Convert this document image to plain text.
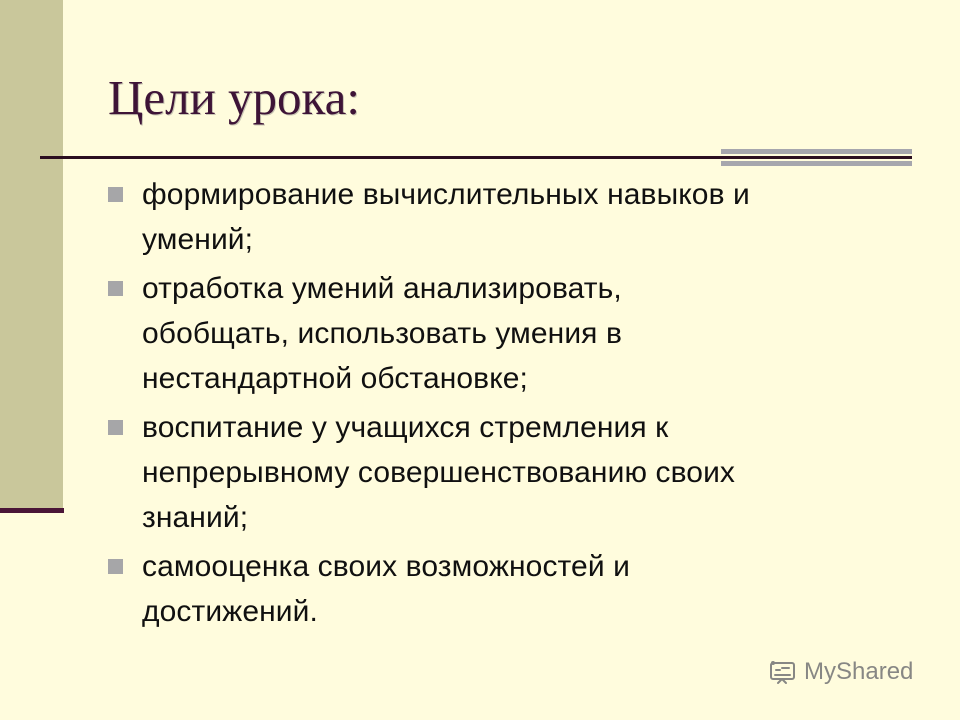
Цели урока:
формирование вычислительных навыков и
умений;
отработка умений анализировать,
обобщать, использовать умения в
нестандартной обстановке;
воспитание у учащихся стремления к
непрерывному совершенствованию своих
знаний;
самооценка своих возможностей и
достижений.
MyShared
